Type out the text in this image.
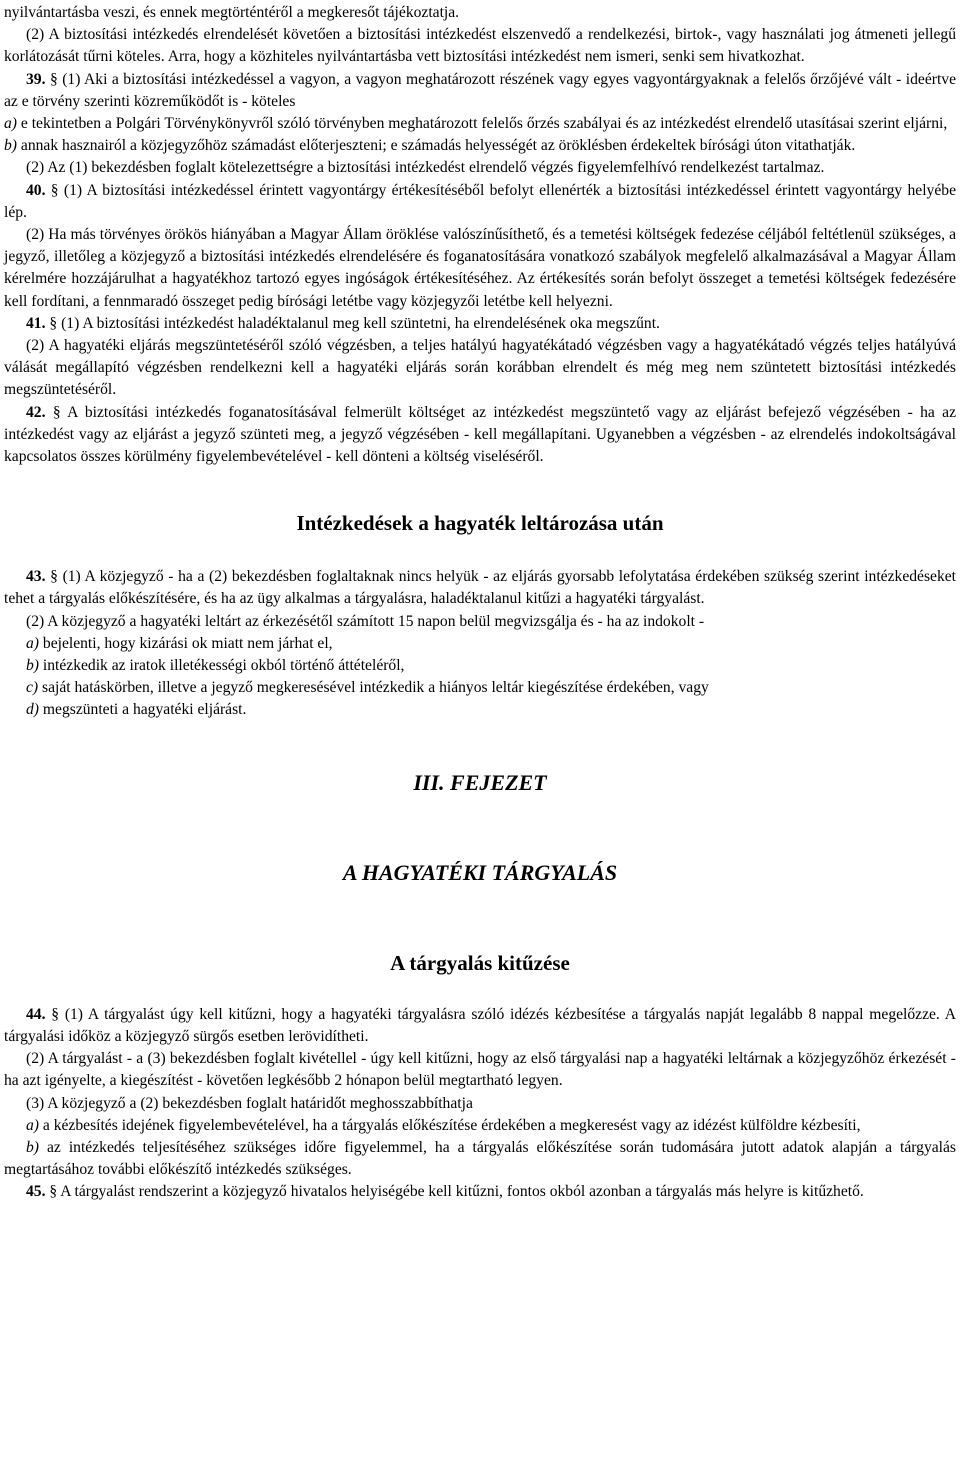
nyilvántartásba veszi, és ennek megtörténtéről a megkeresőt tájékoztatja.

(2) A biztosítási intézkedés elrendelését követően a biztosítási intézkedést elszenvedő a rendelkezési, birtok-, vagy használati jog átmeneti jellegű korlátozását tűrni köteles. Arra, hogy a közhiteles nyilvántartásba vett biztosítási intézkedést nem ismeri, senki sem hivatkozhat.

39. § (1) Aki a biztosítási intézkedéssel a vagyon, a vagyon meghatározott részének vagy egyes vagyontárgyaknak a felelős őrzőjévé vált - ideértve az e törvény szerinti közreműködőt is - köteles

a) e tekintetben a Polgári Törvénykönyvről szóló törvényben meghatározott felelős őrzés szabályai és az intézkedést elrendelő utasításai szerint eljárni,

b) annak hasznairól a közjegyzőhöz számadást előterjeszteni; e számadás helyességét az öröklésben érdekeltek bírósági úton vitathatják.

(2) Az (1) bekezdésben foglalt kötelezettségre a biztosítási intézkedést elrendelő végzés figyelemfelhívó rendelkezést tartalmaz.

40. § (1) A biztosítási intézkedéssel érintett vagyontárgy értékesítéséből befolyt ellenérték a biztosítási intézkedéssel érintett vagyontárgy helyébe lép.

(2) Ha más törvényes örökös hiányában a Magyar Állam öröklése valószínűsíthető, és a temetési költségek fedezése céljából feltétlenül szükséges, a jegyző, illetőleg a közjegyző a biztosítási intézkedés elrendelésére és foganatosítására vonatkozó szabályok megfelelő alkalmazásával a Magyar Állam kérelmére hozzájárulhat a hagyatékhoz tartozó egyes ingóságok értékesítéséhez. Az értékesítés során befolyt összeget a temetési költségek fedezésére kell fordítani, a fennmaradó összeget pedig bírósági letétbe vagy közjegyzői letétbe kell helyezni.

41. § (1) A biztosítási intézkedést haladéktalanul meg kell szüntetni, ha elrendelésének oka megszűnt.

(2) A hagyatéki eljárás megszüntetéséről szóló végzésben, a teljes hatályú hagyatékátadó végzésben vagy a hagyatékátadó végzés teljes hatályúvá válását megállapító végzésben rendelkezni kell a hagyatéki eljárás során korábban elrendelt és még meg nem szüntetett biztosítási intézkedés megszüntetéséről.

42. § A biztosítási intézkedés foganatosításával felmerült költséget az intézkedést megszüntető vagy az eljárást befejező végzésében - ha az intézkedést vagy az eljárást a jegyző szünteti meg, a jegyző végzésében - kell megállapítani. Ugyanebben a végzésben - az elrendelés indokoltságával kapcsolatos összes körülmény figyelembevételével - kell dönteni a költség viseléséről.

Intézkedések a hagyaték leltározása után

43. § (1) A közjegyző - ha a (2) bekezdésben foglaltaknak nincs helyük - az eljárás gyorsabb lefolytatása érdekében szükség szerint intézkedéseket tehet a tárgyalás előkészítésére, és ha az ügy alkalmas a tárgyalásra, haladéktalanul kitűzi a hagyatéki tárgyalást.

(2) A közjegyző a hagyatéki leltárt az érkezésétől számított 15 napon belül megvizsgálja és - ha az indokolt -

a) bejelenti, hogy kizárási ok miatt nem járhat el,

b) intézkedik az iratok illetékességi okból történő áttételéről,

c) saját hatáskörben, illetve a jegyző megkeresésével intézkedik a hiányos leltár kiegészítése érdekében, vagy

d) megszünteti a hagyatéki eljárást.

III. FEJEZET
A HAGYATÉKI TÁRGYALÁS
A tárgyalás kitűzése

44. § (1) A tárgyalást úgy kell kitűzni, hogy a hagyatéki tárgyalásra szóló idézés kézbesítése a tárgyalás napját legalább 8 nappal megelőzze. A tárgyalási időköz a közjegyző sürgős esetben lerövidítheti.

(2) A tárgyalást - a (3) bekezdésben foglalt kivétellel - úgy kell kitűzni, hogy az első tárgyalási nap a hagyatéki leltárnak a közjegyzőhöz érkezését - ha azt igényelte, a kiegészítést - követően legkésőbb 2 hónapon belül megtartható legyen.

(3) A közjegyző a (2) bekezdésben foglalt határidőt meghosszabbíthatja

a) a kézbesítés idejének figyelembevételével, ha a tárgyalás előkészítése érdekében a megkeresést vagy az idézést külföldre kézbesíti,

b) az intézkedés teljesítéséhez szükséges időre figyelemmel, ha a tárgyalás előkészítése során tudomására jutott adatok alapján a tárgyalás megtartásához további előkészítő intézkedés szükséges.

45. § A tárgyalást rendszerint a közjegyző hivatalos helyiségébe kell kitűzni, fontos okból azonban a tárgyalás más helyre is kitűzhető.
